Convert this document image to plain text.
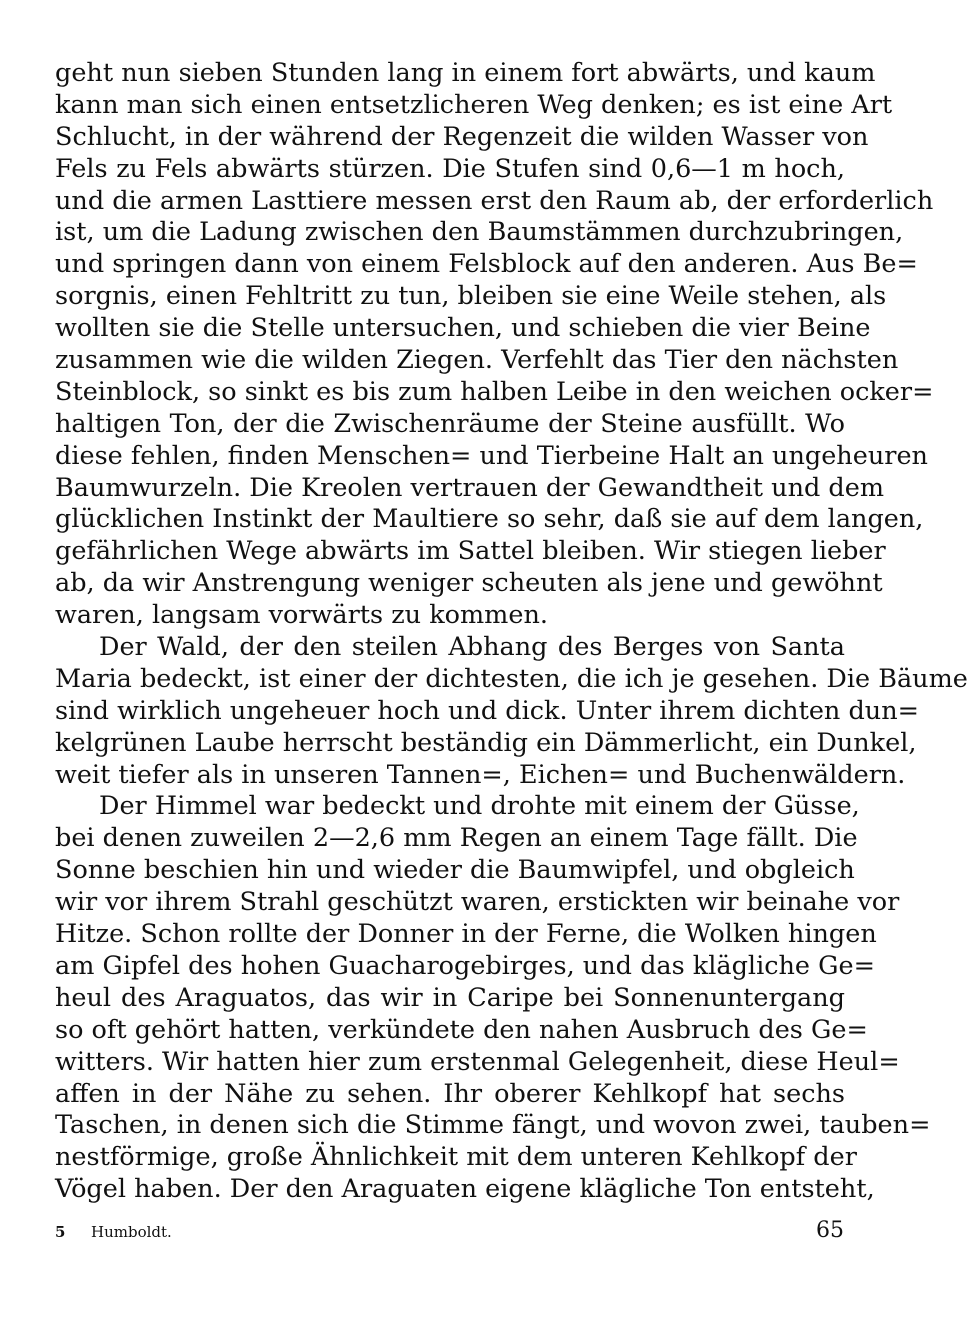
geht nun sieben Stunden lang in einem fort abwärts, und kaum
kann man sich einen entsetzlicheren Weg denken; es ist eine Art
Schlucht, in der während der Regenzeit die wilden Wasser von
Fels zu Fels abwärts stürzen. Die Stufen sind 0,6—1 m hoch,
und die armen Lasttiere messen erst den Raum ab, der erforderlich
ist, um die Ladung zwischen den Baumstämmen durchzubringen,
und springen dann von einem Felsblock auf den anderen. Aus Be=
sorgnis, einen Fehltritt zu tun, bleiben sie eine Weile stehen, als
wollten sie die Stelle untersuchen, und schieben die vier Beine
zusammen wie die wilden Ziegen. Verfehlt das Tier den nächsten
Steinblock, so sinkt es bis zum halben Leibe in den weichen ocker=
haltigen Ton, der die Zwischenräume der Steine ausfüllt. Wo
diese fehlen, finden Menschen= und Tierbeine Halt an ungeheuren
Baumwurzeln. Die Kreolen vertrauen der Gewandtheit und dem
glücklichen Instinkt der Maultiere so sehr, daß sie auf dem langen,
gefährlichen Wege abwärts im Sattel bleiben. Wir stiegen lieber
ab, da wir Anstrengung weniger scheuten als jene und gewöhnt
waren, langsam vorwärts zu kommen.
Der Wald, der den steilen Abhang des Berges von Santa
Maria bedeckt, ist einer der dichtesten, die ich je gesehen. Die Bäume
sind wirklich ungeheuer hoch und dick. Unter ihrem dichten dun=
kelgrünen Laube herrscht beständig ein Dämmerlicht, ein Dunkel,
weit tiefer als in unseren Tannen=, Eichen= und Buchenwäldern.
Der Himmel war bedeckt und drohte mit einem der Güsse,
bei denen zuweilen 2—2,6 mm Regen an einem Tage fällt. Die
Sonne beschien hin und wieder die Baumwipfel, und obgleich
wir vor ihrem Strahl geschützt waren, erstickten wir beinahe vor
Hitze. Schon rollte der Donner in der Ferne, die Wolken hingen
am Gipfel des hohen Guacharogebirges, und das klägliche Ge=
heul des Araguatos, das wir in Caripe bei Sonnenuntergang
so oft gehört hatten, verkündete den nahen Ausbruch des Ge=
witters. Wir hatten hier zum erstenmal Gelegenheit, diese Heul=
affen in der Nähe zu sehen. Ihr oberer Kehlkopf hat sechs
Taschen, in denen sich die Stimme fängt, und wovon zwei, tauben=
nestförmige, große Ähnlichkeit mit dem unteren Kehlkopf der
Vögel haben. Der den Araguaten eigene klägliche Ton entsteht,
5	Humboldt.	65
